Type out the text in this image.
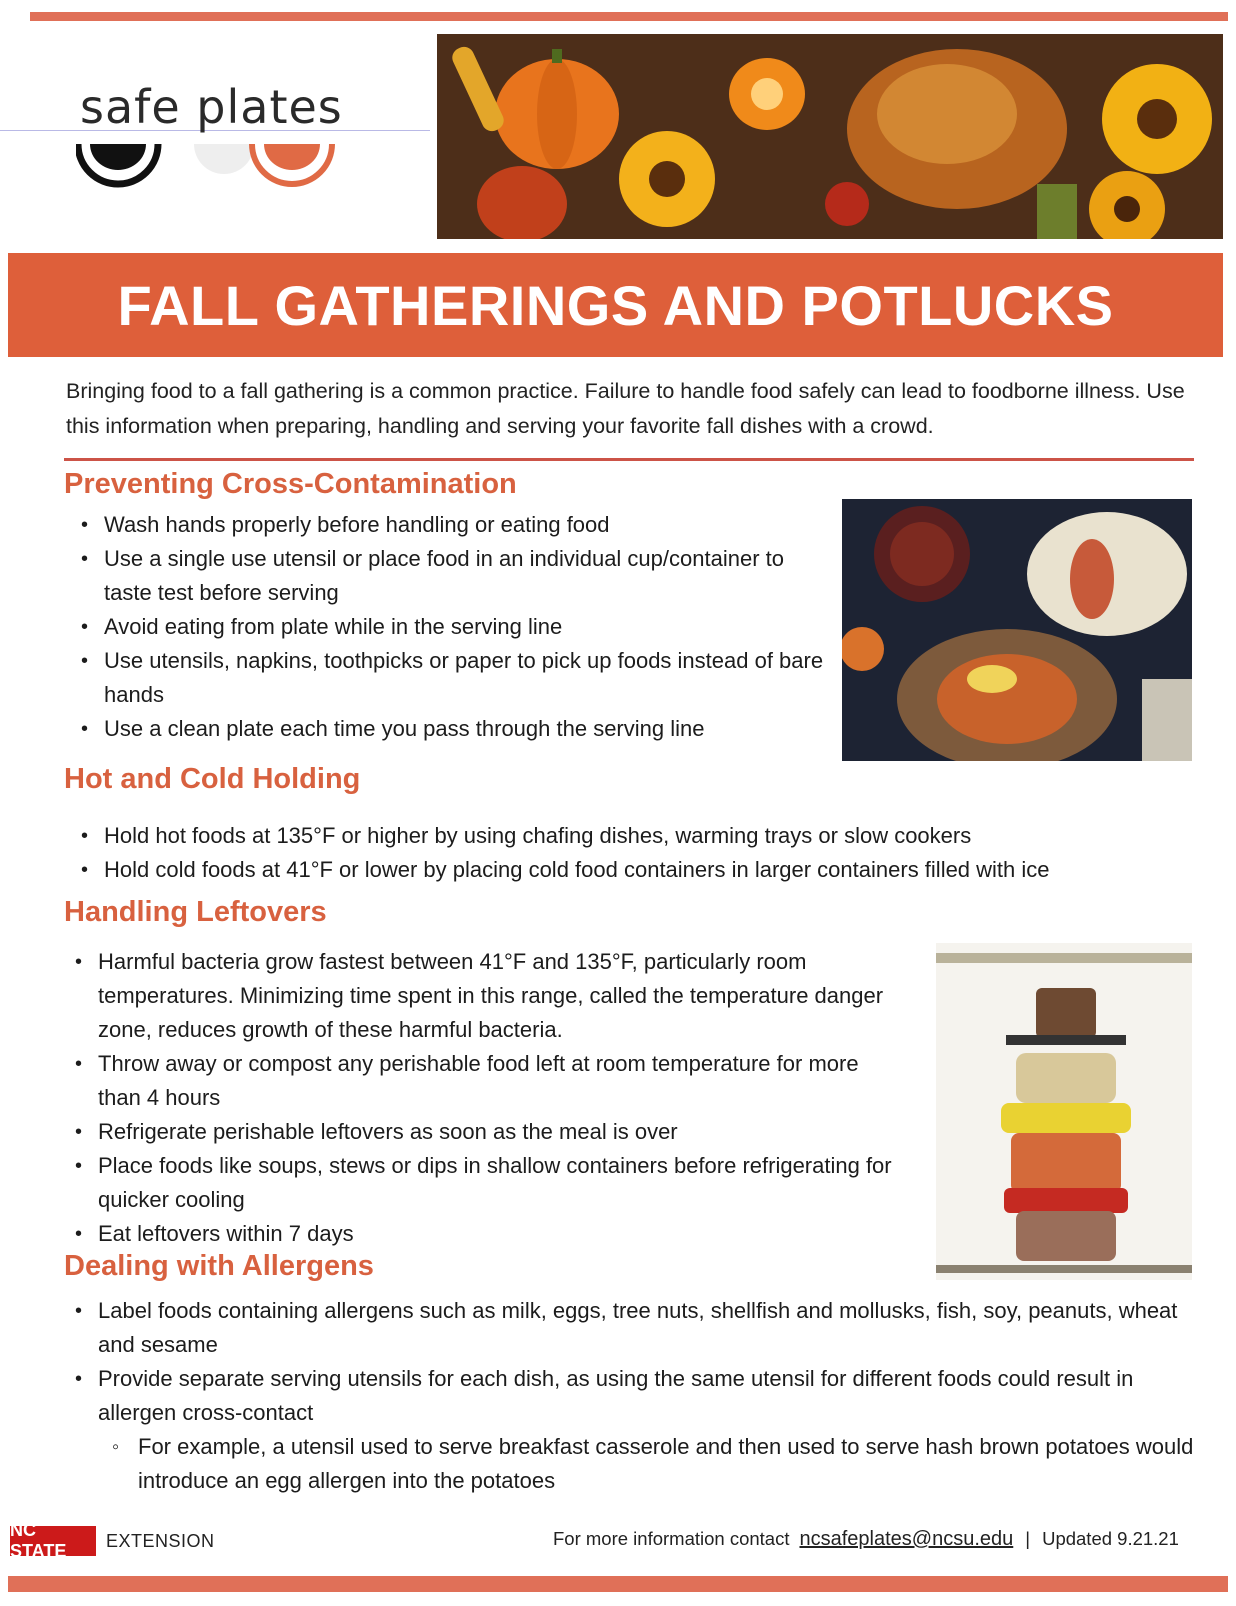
safe plates
FALL GATHERINGS AND POTLUCKS
Bringing food to a fall gathering is a common practice. Failure to handle food safely can lead to foodborne illness. Use this information when preparing, handling and serving your favorite fall dishes with a crowd.
Preventing Cross-Contamination
• Wash hands properly before handling or eating food
• Use a single use utensil or place food in an individual cup/container to taste test before serving
• Avoid eating from plate while in the serving line
• Use utensils, napkins, toothpicks or paper to pick up foods instead of bare hands
• Use a clean plate each time you pass through the serving line
Hot and Cold Holding
• Hold hot foods at 135°F or higher by using chafing dishes, warming trays or slow cookers
• Hold cold foods at 41°F or lower by placing cold food containers in larger containers filled with ice
Handling Leftovers
• Harmful bacteria grow fastest between 41°F and 135°F, particularly room temperatures. Minimizing time spent in this range, called the temperature danger zone, reduces growth of these harmful bacteria.
• Throw away or compost any perishable food left at room temperature for more than 4 hours
• Refrigerate perishable leftovers as soon as the meal is over
• Place foods like soups, stews or dips in shallow containers before refrigerating for quicker cooling
• Eat leftovers within 7 days
Dealing with Allergens
• Label foods containing allergens such as milk, eggs, tree nuts, shellfish and mollusks, fish, soy, peanuts, wheat and sesame
• Provide separate serving utensils for each dish, as using the same utensil for different foods could result in allergen cross-contact
◦ For example, a utensil used to serve breakfast casserole and then used to serve hash brown potatoes would introduce an egg allergen into the potatoes
NC STATE	EXTENSION	For more information contact ncsafeplates@ncsu.edu | Updated 9.21.21
